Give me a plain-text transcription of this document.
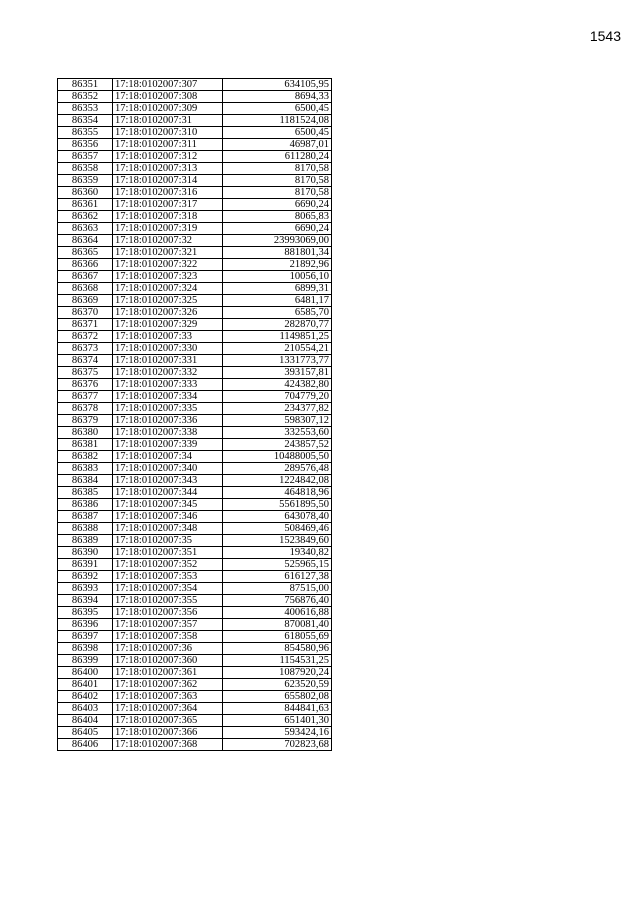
1543
86351	17:18:0102007:307	634105,95
86352	17:18:0102007:308	8694,33
86353	17:18:0102007:309	6500,45
86354	17:18:0102007:31	1181524,08
86355	17:18:0102007:310	6500,45
86356	17:18:0102007:311	46987,01
86357	17:18:0102007:312	611280,24
86358	17:18:0102007:313	8170,58
86359	17:18:0102007:314	8170,58
86360	17:18:0102007:316	8170,58
86361	17:18:0102007:317	6690,24
86362	17:18:0102007:318	8065,83
86363	17:18:0102007:319	6690,24
86364	17:18:0102007:32	23993069,00
86365	17:18:0102007:321	881801,34
86366	17:18:0102007:322	21892,96
86367	17:18:0102007:323	10056,10
86368	17:18:0102007:324	6899,31
86369	17:18:0102007:325	6481,17
86370	17:18:0102007:326	6585,70
86371	17:18:0102007:329	282870,77
86372	17:18:0102007:33	1149851,25
86373	17:18:0102007:330	210554,21
86374	17:18:0102007:331	1331773,77
86375	17:18:0102007:332	393157,81
86376	17:18:0102007:333	424382,80
86377	17:18:0102007:334	704779,20
86378	17:18:0102007:335	234377,82
86379	17:18:0102007:336	598307,12
86380	17:18:0102007:338	332553,60
86381	17:18:0102007:339	243857,52
86382	17:18:0102007:34	10488005,50
86383	17:18:0102007:340	289576,48
86384	17:18:0102007:343	1224842,08
86385	17:18:0102007:344	464818,96
86386	17:18:0102007:345	5561895,50
86387	17:18:0102007:346	643078,40
86388	17:18:0102007:348	508469,46
86389	17:18:0102007:35	1523849,60
86390	17:18:0102007:351	19340,82
86391	17:18:0102007:352	525965,15
86392	17:18:0102007:353	616127,38
86393	17:18:0102007:354	87515,00
86394	17:18:0102007:355	756876,40
86395	17:18:0102007:356	400616,88
86396	17:18:0102007:357	870081,40
86397	17:18:0102007:358	618055,69
86398	17:18:0102007:36	854580,96
86399	17:18:0102007:360	1154531,25
86400	17:18:0102007:361	1087920,24
86401	17:18:0102007:362	623520,59
86402	17:18:0102007:363	655802,08
86403	17:18:0102007:364	844841,63
86404	17:18:0102007:365	651401,30
86405	17:18:0102007:366	593424,16
86406	17:18:0102007:368	702823,68
